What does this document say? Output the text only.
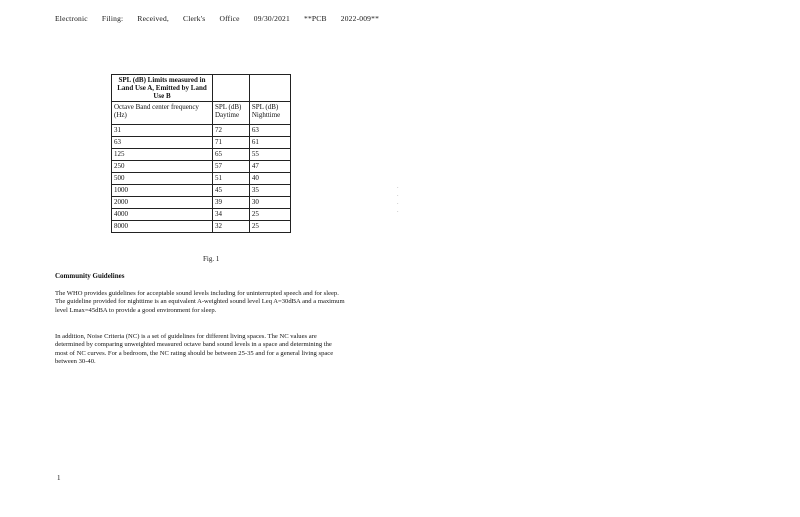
Electronic Filing: Received, Clerk's Office 09/30/2021 **PCB 2022-009**
SPL (dB) Limits measured in Land Use A, Emitted by Land Use B		
Octave Band center frequency (Hz)	SPL (dB) Daytime	SPL (dB) Nighttime
31	72	63
63	71	61
125	65	55
250	57	47
500	51	40
1000	45	35
2000	39	30
4000	34	25
8000	32	25
Fig. 1
Community Guidelines
The WHO provides guidelines for acceptable sound levels including for uninterrupted speech and for sleep. The guideline provided for nighttime is an equivalent A-weighted sound level Leq A=30dBA and a maximum level Lmax=45dBA to provide a good environment for sleep.
In addition, Noise Criteria (NC) is a set of guidelines for different living spaces. The NC values are determined by comparing unweighted measured octave band sound levels in a space and determining the most of NC curves. For a bedroom, the NC rating should be between 25-35 and for a general living space between 30-40.
·
·
·
·
1
